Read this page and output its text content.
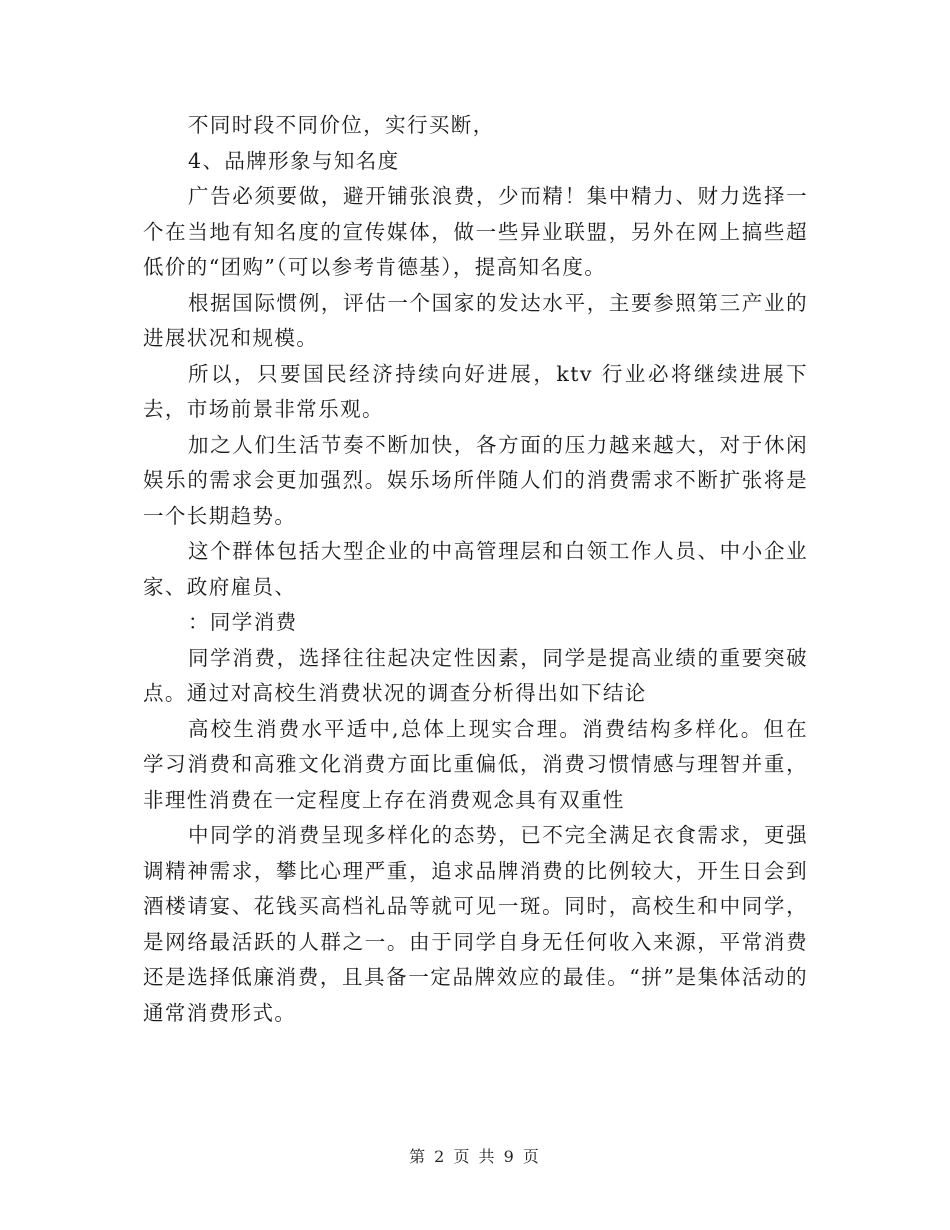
不同时段不同价位，实行买断，

4、品牌形象与知名度

广告必须要做，避开铺张浪费，少而精！集中精力、财力选择一个在当地有知名度的宣传媒体，做一些异业联盟，另外在网上搞些超低价的“团购”（可以参考肯德基），提高知名度。

根据国际惯例，评估一个国家的发达水平，主要参照第三产业的进展状况和规模。

所以，只要国民经济持续向好进展，ktv 行业必将继续进展下去，市场前景非常乐观。

加之人们生活节奏不断加快，各方面的压力越来越大，对于休闲娱乐的需求会更加强烈。娱乐场所伴随人们的消费需求不断扩张将是一个长期趋势。

这个群体包括大型企业的中高管理层和白领工作人员、中小企业家、政府雇员、

：同学消费

同学消费，选择往往起决定性因素，同学是提高业绩的重要突破点。通过对高校生消费状况的调查分析得出如下结论

高校生消费水平适中,总体上现实合理。消费结构多样化。但在学习消费和高雅文化消费方面比重偏低，消费习惯情感与理智并重，非理性消费在一定程度上存在消费观念具有双重性

中同学的消费呈现多样化的态势，已不完全满足衣食需求，更强调精神需求，攀比心理严重，追求品牌消费的比例较大，开生日会到酒楼请宴、花钱买高档礼品等就可见一斑。同时，高校生和中同学，是网络最活跃的人群之一。由于同学自身无任何收入来源，平常消费还是选择低廉消费，且具备一定品牌效应的最佳。“拼”是集体活动的通常消费形式。

第 2 页 共 9 页
